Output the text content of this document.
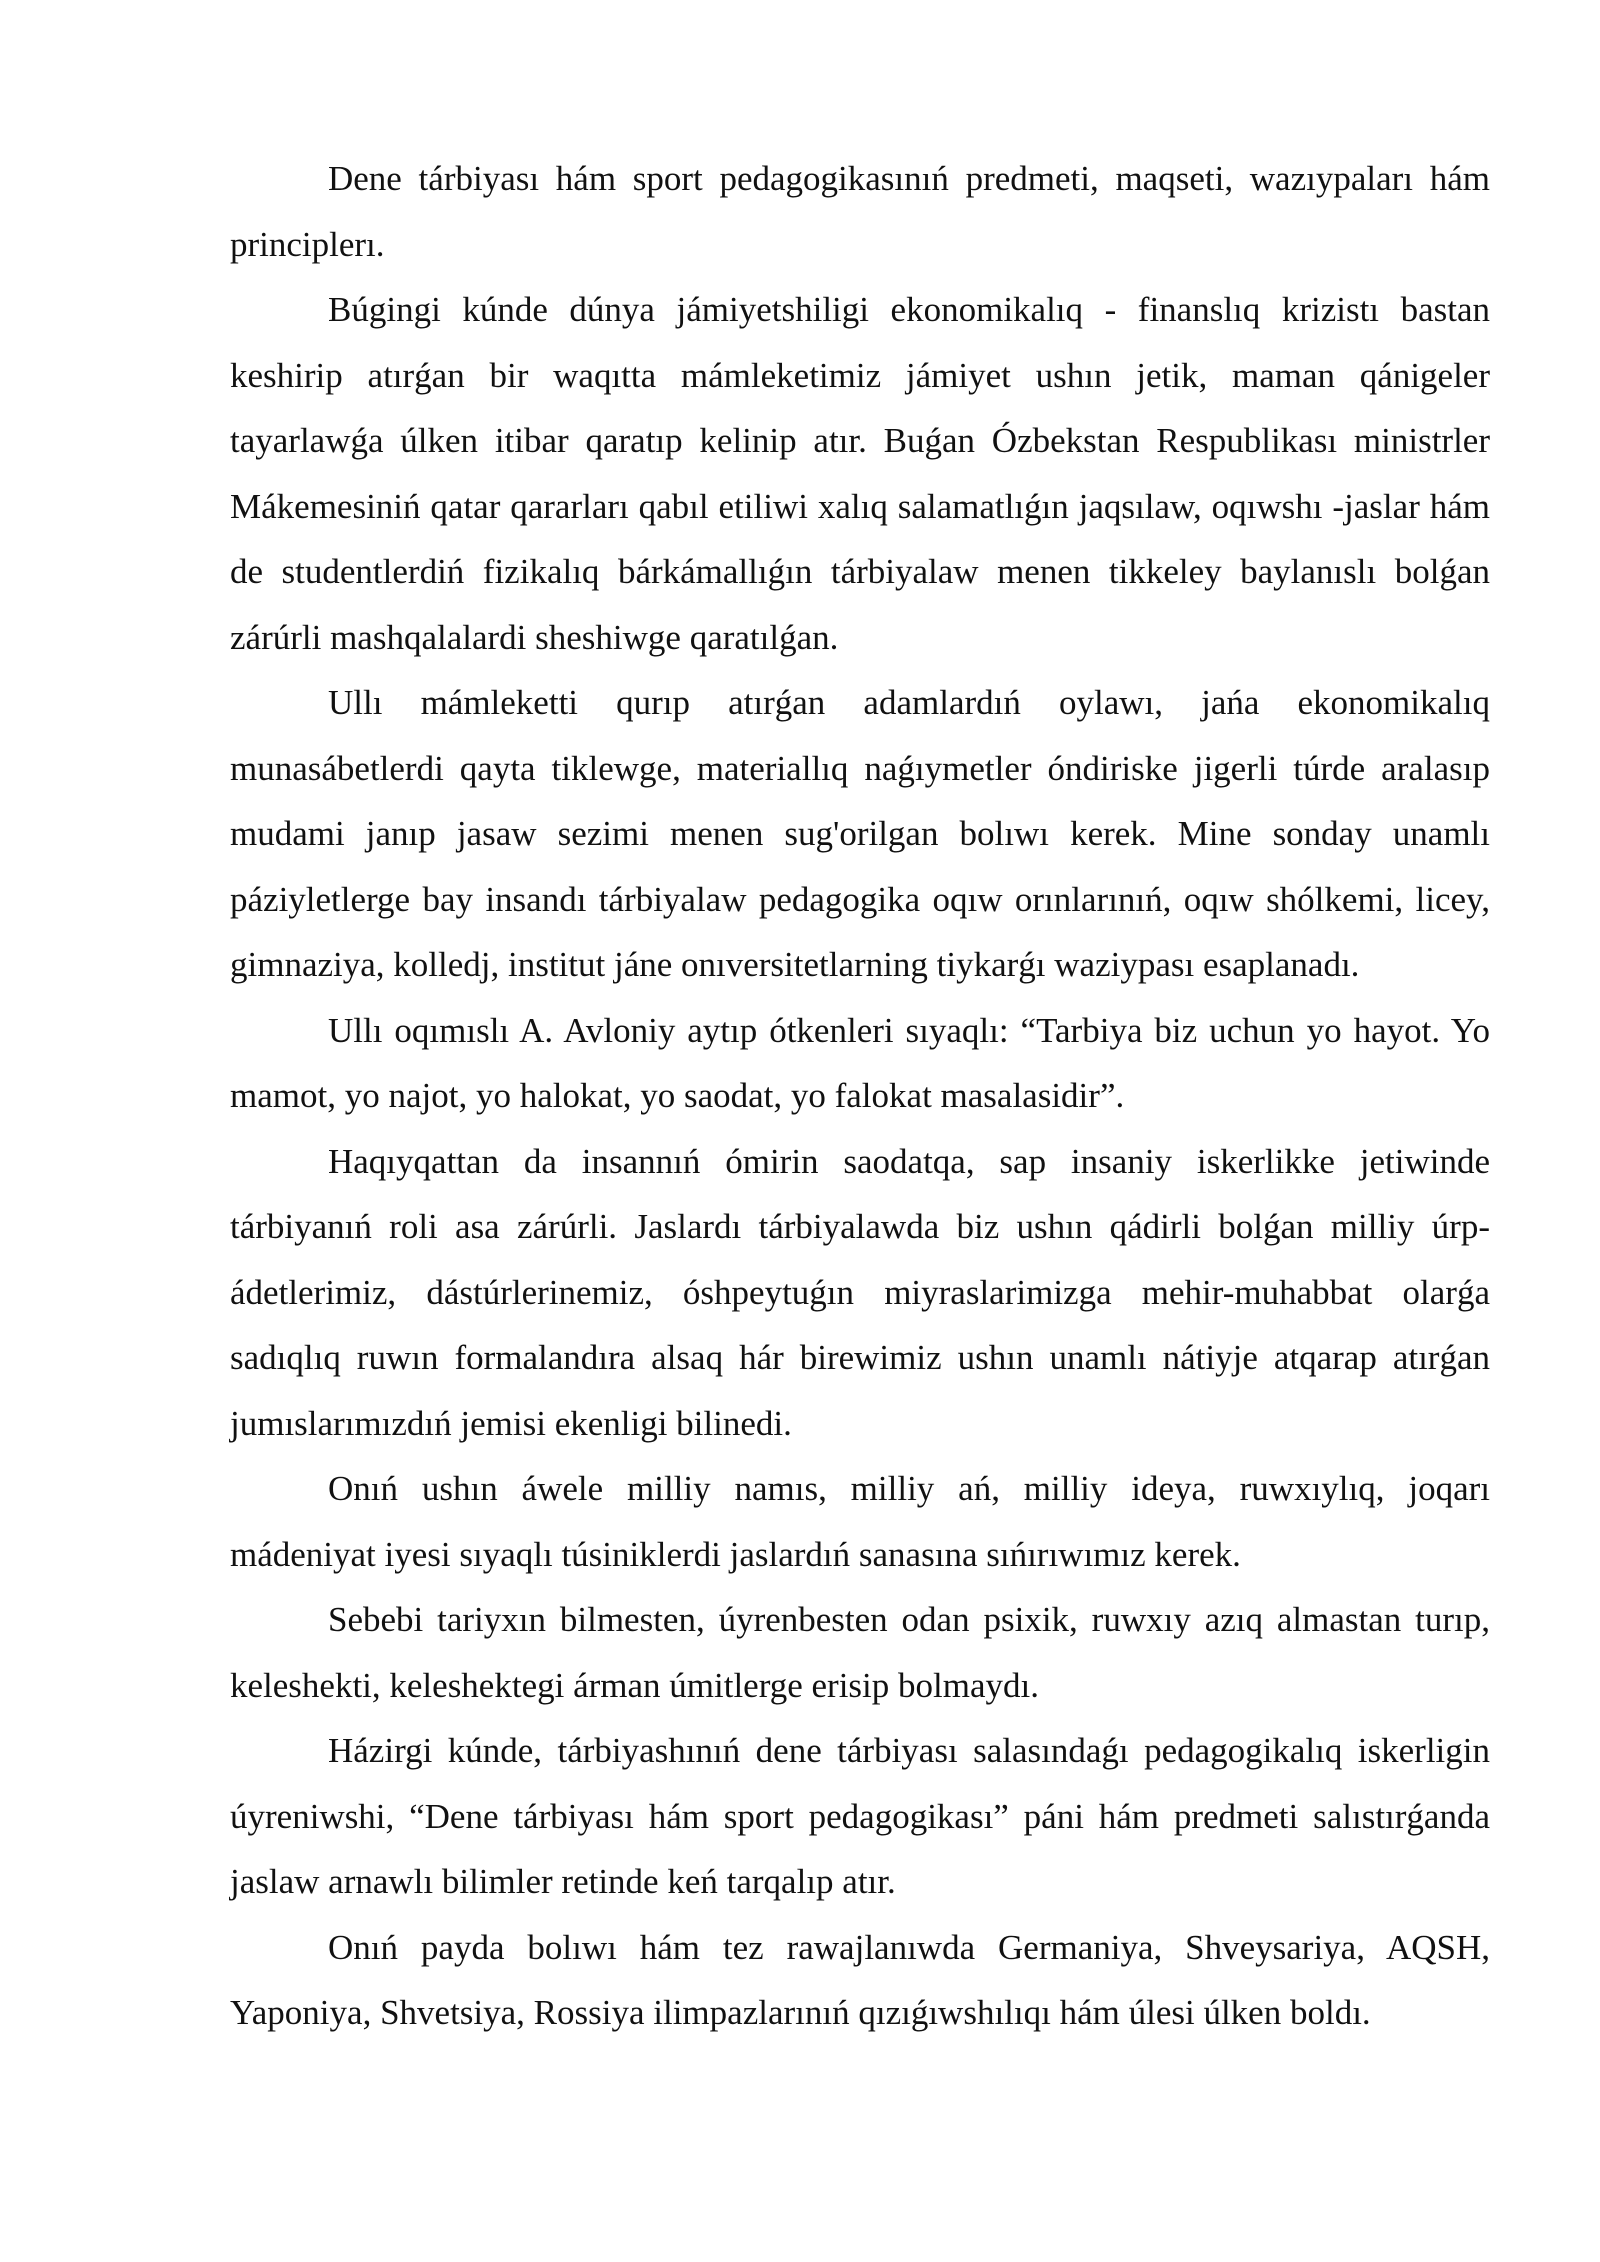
Dene tárbiyası hám sport pedagogikasınıń predmeti, maqseti, wazıypaları hám principlerı.

Búgingi kúnde dúnya jámiyetshiligi ekonomikalıq - finanslıq krizistı bastan keshirip atırǵan bir waqıtta mámleketimiz jámiyet ushın jetik, maman qánigeler tayarlawǵa úlken itibar qaratıp kelinip atır. Buǵan Ózbekstan Respublikası ministrler Mákemesiniń qatar qararları qabıl etiliwi xalıq salamatlıǵın jaqsılaw, oqıwshı -jaslar hám de studentlerdiń fizikalıq bárkámallıǵın tárbiyalaw menen tikkeley baylanıslı bolǵan zárúrli mashqalalardi sheshiwge qaratılǵan.

Ullı mámleketti qurıp atırǵan adamlardıń oylawı, jańa ekonomikalıq munasábetlerdi qayta tiklewge, materiallıq naǵıymetler óndiriske jigerli túrde aralasıp mudami janıp jasaw sezimi menen sug'orilgan bolıwı kerek. Mine sonday unamlı páziyletlerge bay insandı tárbiyalaw pedagogika oqıw orınlarınıń, oqıw shólkemi, licey, gimnaziya, kolledj, institut jáne onıversitetlarning tiykarǵı waziypası esaplanadı.

Ullı oqımıslı A. Avloniy aytıp ótkenleri sıyaqlı: “Tarbiya biz uchun yo hayot. Yo mamot, yo najot, yo halokat, yo saodat, yo falokat masalasidir”.

Haqıyqattan da insannıń ómirin saodatqa, sap insaniy iskerlikke jetiwinde tárbiyanıń roli asa zárúrli. Jaslardı tárbiyalawda biz ushın qádirli bolǵan milliy úrp-ádetlerimiz, dástúrlerinemiz, óshpeytuǵın miyraslarimizga mehir-muhabbat olarǵa sadıqlıq ruwın formalandıra alsaq hár birewimiz ushın unamlı nátiyje atqarap atırǵan jumıslarımızdıń jemisi ekenligi bilinedi.

Onıń ushın áwele milliy namıs, milliy ań, milliy ideya, ruwxıylıq, joqarı mádeniyat iyesi sıyaqlı túsiniklerdi jaslardıń sanasına sıńırıwımız kerek.

Sebebi tariyxın bilmesten, úyrenbesten odan psixik, ruwxıy azıq almastan turıp, keleshekti, keleshektegi árman úmitlerge erisip bolmaydı.

Házirgi kúnde, tárbiyashınıń dene tárbiyası salasındaǵı pedagogikalıq iskerligin úyreniwshi, “Dene tárbiyası hám sport pedagogikası” páni hám predmeti salıstırǵanda jaslaw arnawlı bilimler retinde keń tarqalıp atır.

Onıń payda bolıwı hám tez rawajlanıwda Germaniya, Shveysariya, AQSH, Yaponiya, Shvetsiya, Rossiya ilimpazlarınıń qızıǵıwshılıqı hám úlesi úlken boldı.
